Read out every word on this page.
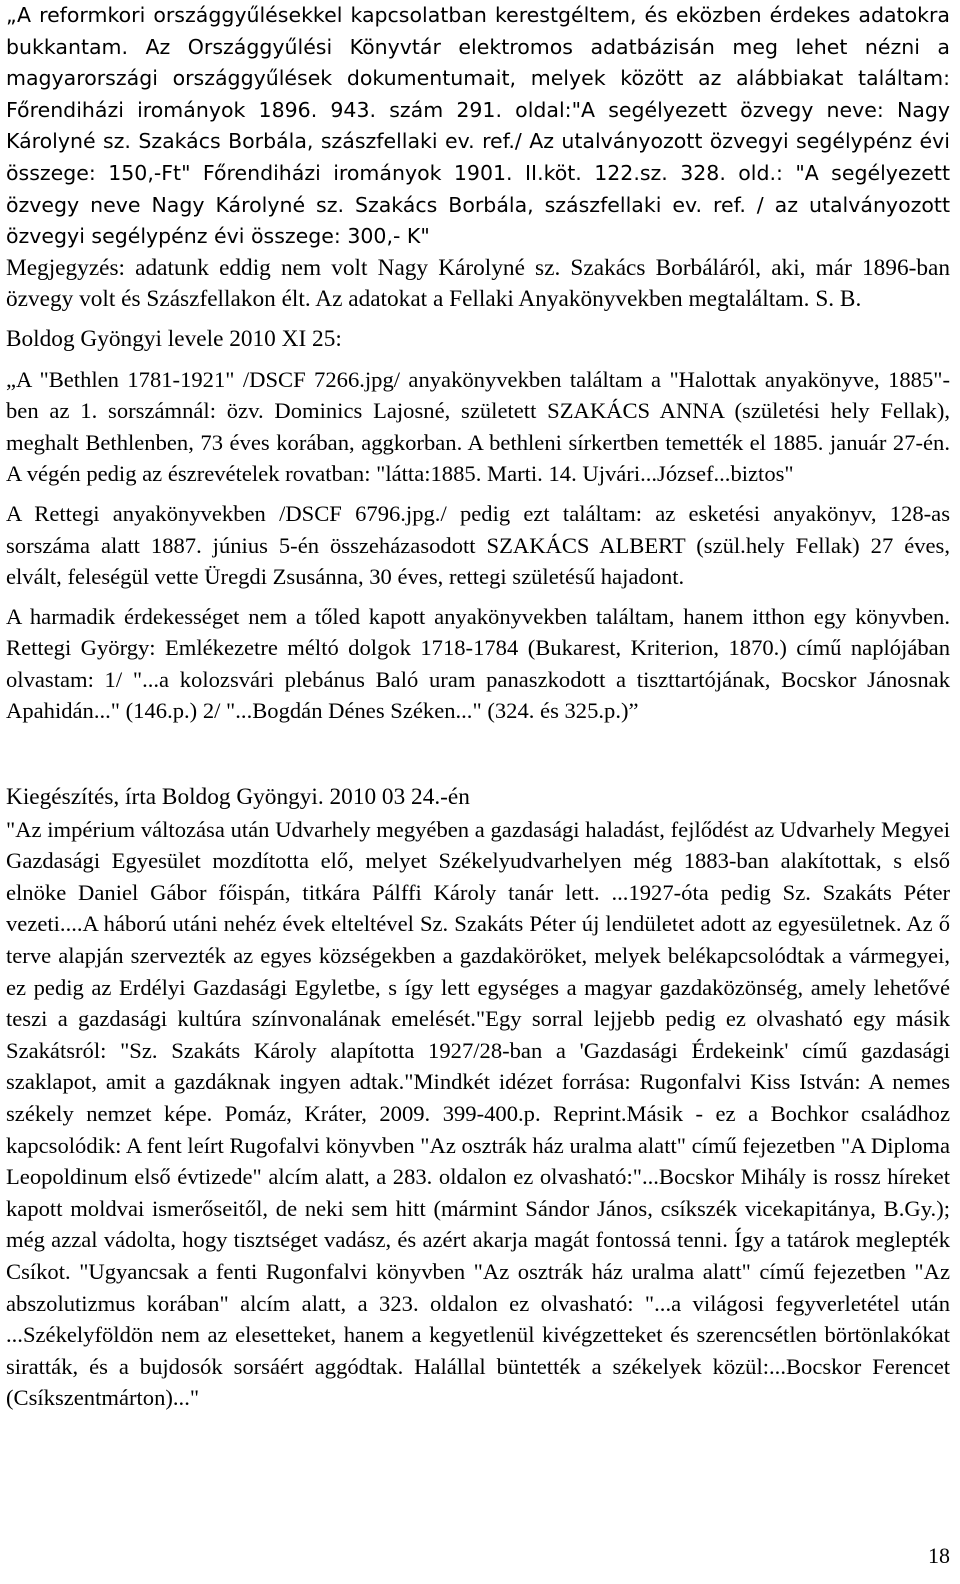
„A reformkori országgyűlésekkel kapcsolatban kerestgéltem, és eközben érdekes adatokra bukkantam. Az Országgyűlési Könyvtár elektromos adatbázisán meg lehet nézni a magyarországi országgyűlések dokumentumait, melyek között az alábbiakat találtam: Főrendiházi irományok 1896. 943. szám 291. oldal:"A segélyezett özvegy neve: Nagy Károlyné sz. Szakács Borbála, szászfellaki ev. ref./ Az utalványozott özvegyi segélypénz évi összege: 150,-Ft" Főrendiházi irományok 1901. II.köt. 122.sz. 328. old.: "A segélyezett özvegy neve Nagy Károlyné sz. Szakács Borbála, szászfellaki ev. ref. / az utalványozott özvegyi segélypénz évi összege: 300,- K"

Megjegyzés: adatunk eddig nem volt Nagy Károlyné sz. Szakács Borbáláról, aki, már 1896-ban özvegy volt és Szászfellakon élt. Az adatokat a Fellaki Anyakönyvekben megtaláltam. S. B.

Boldog Gyöngyi levele 2010 XI 25:

„A "Bethlen 1781-1921" /DSCF 7266.jpg/ anyakönyvekben találtam a "Halottak anyakönyve, 1885"-ben az 1. sorszámnál: özv. Dominics Lajosné, született SZAKÁCS ANNA (születési hely Fellak), meghalt Bethlenben, 73 éves korában, aggkorban. A bethleni sírkertben temették el 1885. január 27-én. A végén pedig az észrevételek rovatban: "látta:1885. Marti. 14. Ujvári...József...biztos"

A Rettegi anyakönyvekben /DSCF 6796.jpg./ pedig ezt találtam: az esketési anyakönyv, 128-as sorszáma alatt 1887. június 5-én összeházasodott SZAKÁCS ALBERT (szül.hely Fellak) 27 éves, elvált, feleségül vette Üregdi Zsusánna, 30 éves, rettegi születésű hajadont.

A harmadik érdekességet nem a tőled kapott anyakönyvekben találtam, hanem itthon egy könyvben. Rettegi György: Emlékezetre méltó dolgok 1718-1784 (Bukarest, Kriterion, 1870.) című naplójában olvastam: 1/ "...a kolozsvári plebánus Baló uram panaszkodott a tiszttartójának, Bocskor Jánosnak Apahidán..." (146.p.) 2/ "...Bogdán Dénes Széken..." (324. és 325.p.)”

Kiegészítés, írta Boldog Gyöngyi. 2010 03 24.-én

"Az impérium változása után Udvarhely megyében a gazdasági haladást, fejlődést az Udvarhely Megyei Gazdasági Egyesület mozdította elő, melyet Székelyudvarhelyen még 1883-ban alakítottak, s első elnöke Daniel Gábor főispán, titkára Pálffi Károly tanár lett. ...1927-óta pedig Sz. Szakáts Péter vezeti....A háború utáni nehéz évek elteltével Sz. Szakáts Péter új lendületet adott az egyesületnek. Az ő terve alapján szervezték az egyes községekben a gazdaköröket, melyek belékapcsolódtak a vármegyei, ez pedig az Erdélyi Gazdasági Egyletbe, s így lett egységes a magyar gazdaközönség, amely lehetővé teszi a gazdasági kultúra színvonalának emelését."Egy sorral lejjebb pedig ez olvasható egy másik Szakátsról: "Sz. Szakáts Károly alapította 1927/28-ban a 'Gazdasági Érdekeink' című gazdasági szaklapot, amit a gazdáknak ingyen adtak."Mindkét idézet forrása: Rugonfalvi Kiss István: A nemes székely nemzet képe. Pomáz, Kráter, 2009. 399-400.p. Reprint.Másik - ez a Bochkor családhoz kapcsolódik: A fent leírt Rugofalvi könyvben "Az osztrák ház uralma alatt" című fejezetben "A Diploma Leopoldinum első évtizede" alcím alatt, a 283. oldalon ez olvasható:"...Bocskor Mihály is rossz híreket kapott moldvai ismerőseitől, de neki sem hitt (mármint Sándor János, csíkszék vicekapitánya, B.Gy.); még azzal vádolta, hogy tisztséget vadász, és azért akarja magát fontossá tenni. Így a tatárok meglepték Csíkot. "Ugyancsak a fenti Rugonfalvi könyvben "Az osztrák ház uralma alatt" című fejezetben "Az abszolutizmus korában" alcím alatt, a 323. oldalon ez olvasható: "...a világosi fegyverletétel után ...Székelyföldön nem az elesetteket, hanem a kegyetlenül kivégzetteket és szerencsétlen börtönlakókat siratták, és a bujdosók sorsáért aggódtak. Halállal büntették a székelyek közül:...Bocskor Ferencet (Csíkszentmárton)..."

18
